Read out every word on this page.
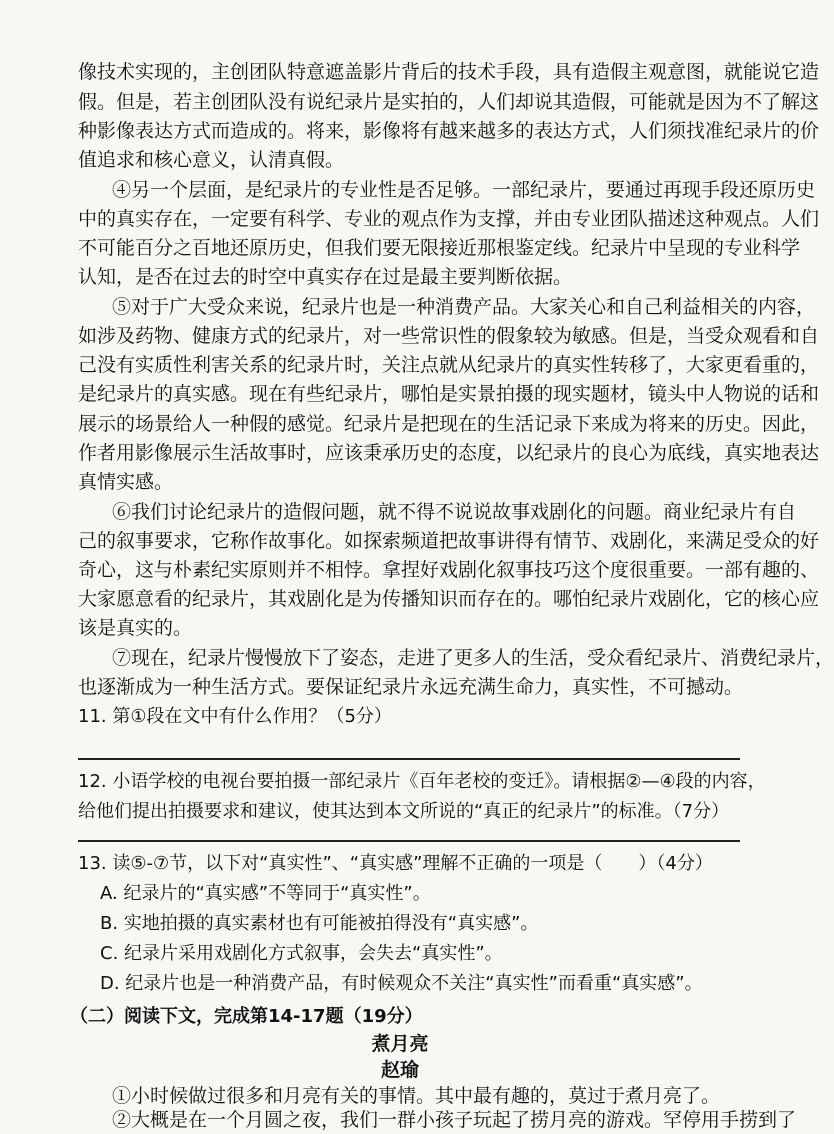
像技术实现的，主创团队特意遮盖影片背后的技术手段，具有造假主观意图，就能说它造
假。但是，若主创团队没有说纪录片是实拍的，人们却说其造假，可能就是因为不了解这
种影像表达方式而造成的。将来，影像将有越来越多的表达方式，人们须找准纪录片的价
值追求和核心意义，认清真假。
④另一个层面，是纪录片的专业性是否足够。一部纪录片，要通过再现手段还原历史
中的真实存在，一定要有科学、专业的观点作为支撑，并由专业团队描述这种观点。人们
不可能百分之百地还原历史，但我们要无限接近那根鉴定线。纪录片中呈现的专业科学
认知，是否在过去的时空中真实存在过是最主要判断依据。
⑤对于广大受众来说，纪录片也是一种消费产品。大家关心和自己利益相关的内容，
如涉及药物、健康方式的纪录片，对一些常识性的假象较为敏感。但是，当受众观看和自
己没有实质性利害关系的纪录片时，关注点就从纪录片的真实性转移了，大家更看重的，
是纪录片的真实感。现在有些纪录片，哪怕是实景拍摄的现实题材，镜头中人物说的话和
展示的场景给人一种假的感觉。纪录片是把现在的生活记录下来成为将来的历史。因此，
作者用影像展示生活故事时，应该秉承历史的态度，以纪录片的良心为底线，真实地表达
真情实感。
⑥我们讨论纪录片的造假问题，就不得不说说故事戏剧化的问题。商业纪录片有自
己的叙事要求，它称作故事化。如探索频道把故事讲得有情节、戏剧化，来满足受众的好
奇心，这与朴素纪实原则并不相悖。拿捏好戏剧化叙事技巧这个度很重要。一部有趣的、
大家愿意看的纪录片，其戏剧化是为传播知识而存在的。哪怕纪录片戏剧化，它的核心应
该是真实的。
⑦现在，纪录片慢慢放下了姿态，走进了更多人的生活，受众看纪录片、消费纪录片，
也逐渐成为一种生活方式。要保证纪录片永远充满生命力，真实性，不可撼动。
11. 第①段在文中有什么作用？（5分）
12. 小语学校的电视台要拍摄一部纪录片《百年老校的变迁》。请根据②—④段的内容，
给他们提出拍摄要求和建议，使其达到本文所说的“真正的纪录片”的标准。（7分）
13. 读⑤-⑦节，以下对“真实性”、“真实感”理解不正确的一项是（　　）（4分）
A. 纪录片的“真实感”不等同于“真实性”。
B. 实地拍摄的真实素材也有可能被拍得没有“真实感”。
C. 纪录片采用戏剧化方式叙事，会失去“真实性”。
D. 纪录片也是一种消费产品，有时候观众不关注“真实性”而看重“真实感”。
（二）阅读下文，完成第14-17题（19分）
煮月亮
赵瑜
①小时候做过很多和月亮有关的事情。其中最有趣的，莫过于煮月亮了。
②大概是在一个月圆之夜，我们一群小孩子玩起了捞月亮的游戏。罕停用手捞到了
